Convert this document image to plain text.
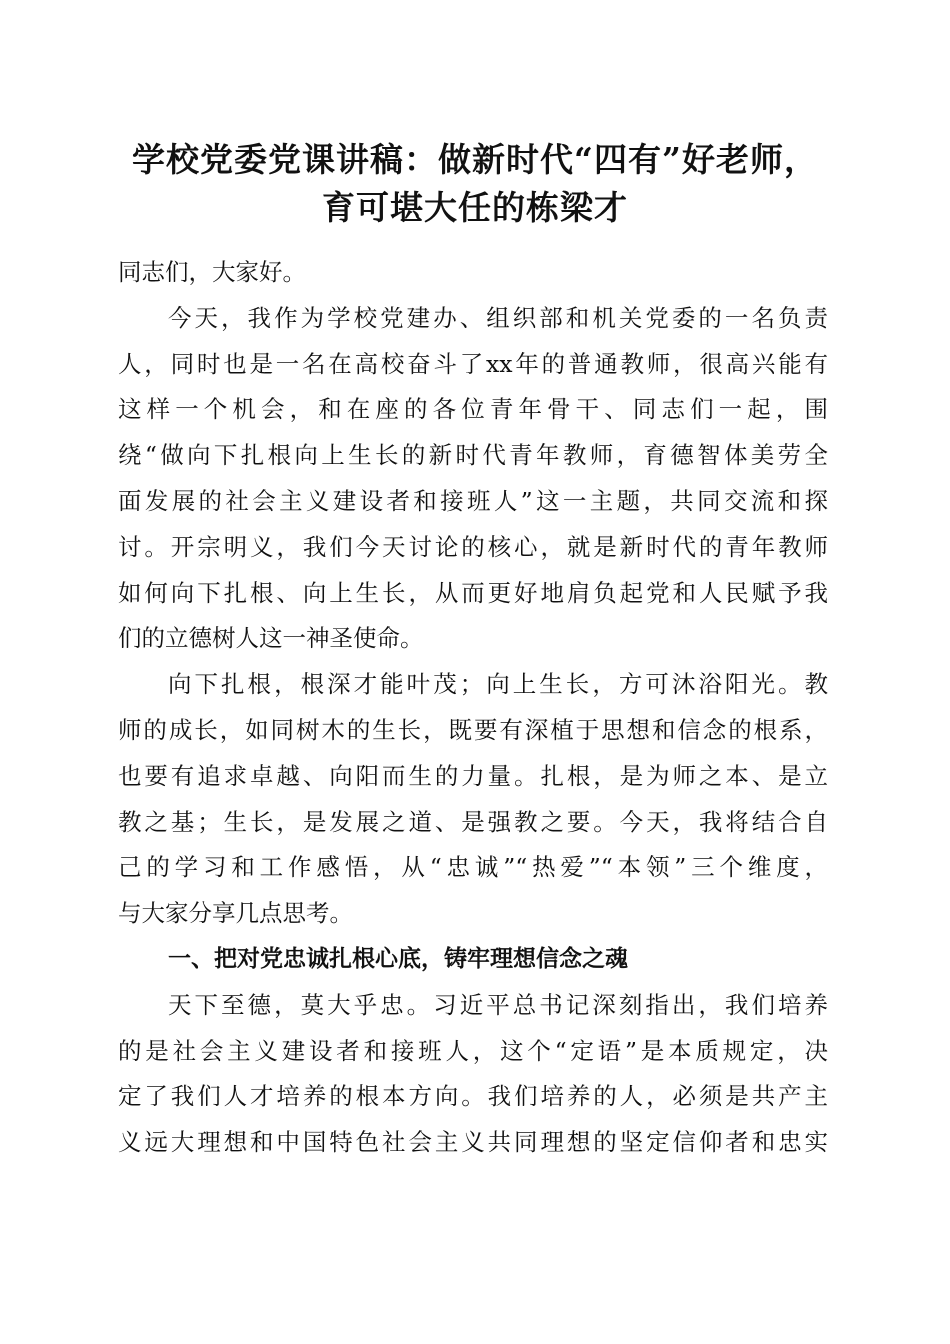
学校党委党课讲稿：做新时代“四有”好老师，
育可堪大任的栋梁才
同志们，大家好。
今天，我作为学校党建办、组织部和机关党委的一名负责
人，同时也是一名在高校奋斗了xx年的普通教师，很高兴能有
这样一个机会，和在座的各位青年骨干、同志们一起，围
绕“做向下扎根向上生长的新时代青年教师，育德智体美劳全
面发展的社会主义建设者和接班人”这一主题，共同交流和探
讨。开宗明义，我们今天讨论的核心，就是新时代的青年教师
如何向下扎根、向上生长，从而更好地肩负起党和人民赋予我
们的立德树人这一神圣使命。
向下扎根，根深才能叶茂；向上生长，方可沐浴阳光。教
师的成长，如同树木的生长，既要有深植于思想和信念的根系，
也要有追求卓越、向阳而生的力量。扎根，是为师之本、是立
教之基；生长，是发展之道、是强教之要。今天，我将结合自
己的学习和工作感悟，从“忠诚”“热爱”“本领”三个维度，
与大家分享几点思考。
一、把对党忠诚扎根心底，铸牢理想信念之魂
天下至德，莫大乎忠。习近平总书记深刻指出，我们培养
的是社会主义建设者和接班人，这个“定语”是本质规定，决
定了我们人才培养的根本方向。我们培养的人，必须是共产主
义远大理想和中国特色社会主义共同理想的坚定信仰者和忠实
